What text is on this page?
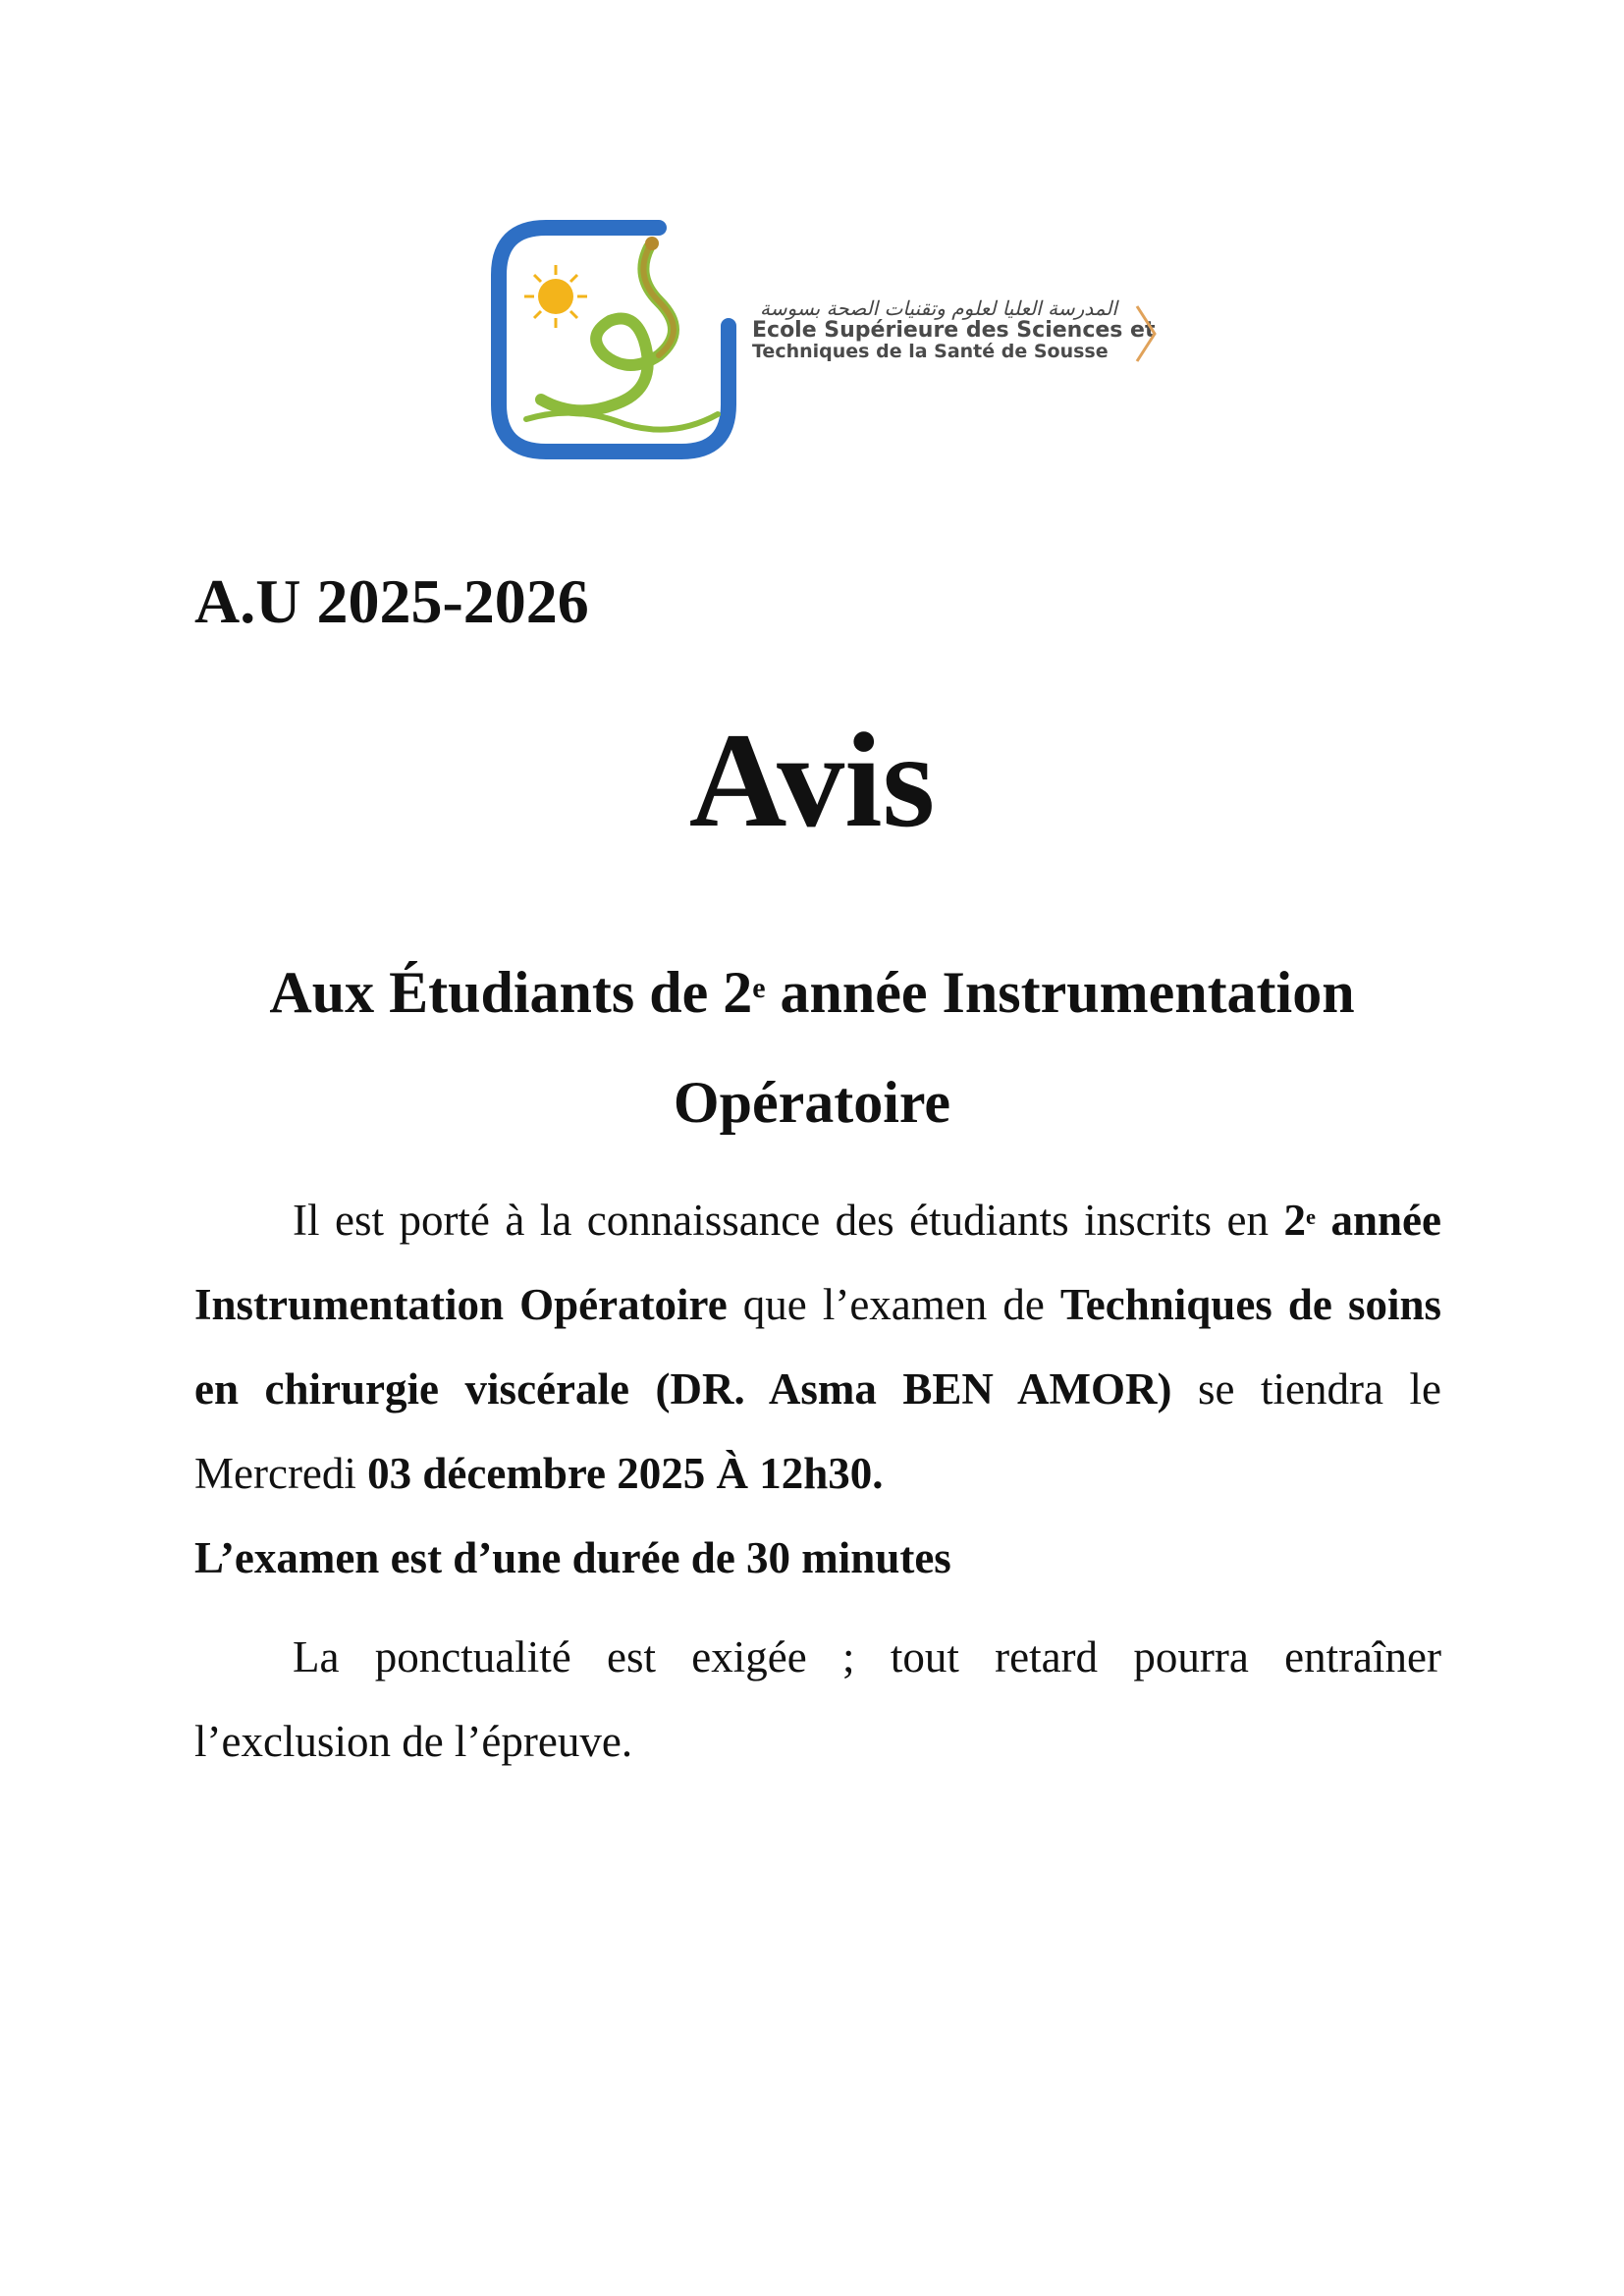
المدرسة العليا لعلوم وتقنيات الصحة بسوسة
Ecole Supérieure des Sciences et
Techniques de la Santé de Sousse
A.U 2025-2026
Avis
Aux Étudiants de 2e année Instrumentation Opératoire
Il est porté à la connaissance des étudiants inscrits en 2e année Instrumentation Opératoire que l’examen de Techniques de soins en chirurgie viscérale (DR. Asma BEN AMOR) se tiendra le Mercredi 03 décembre 2025 À 12h30.
L’examen est d’une durée de 30 minutes
La ponctualité est exigée ; tout retard pourra entraîner l’exclusion de l’épreuve.
